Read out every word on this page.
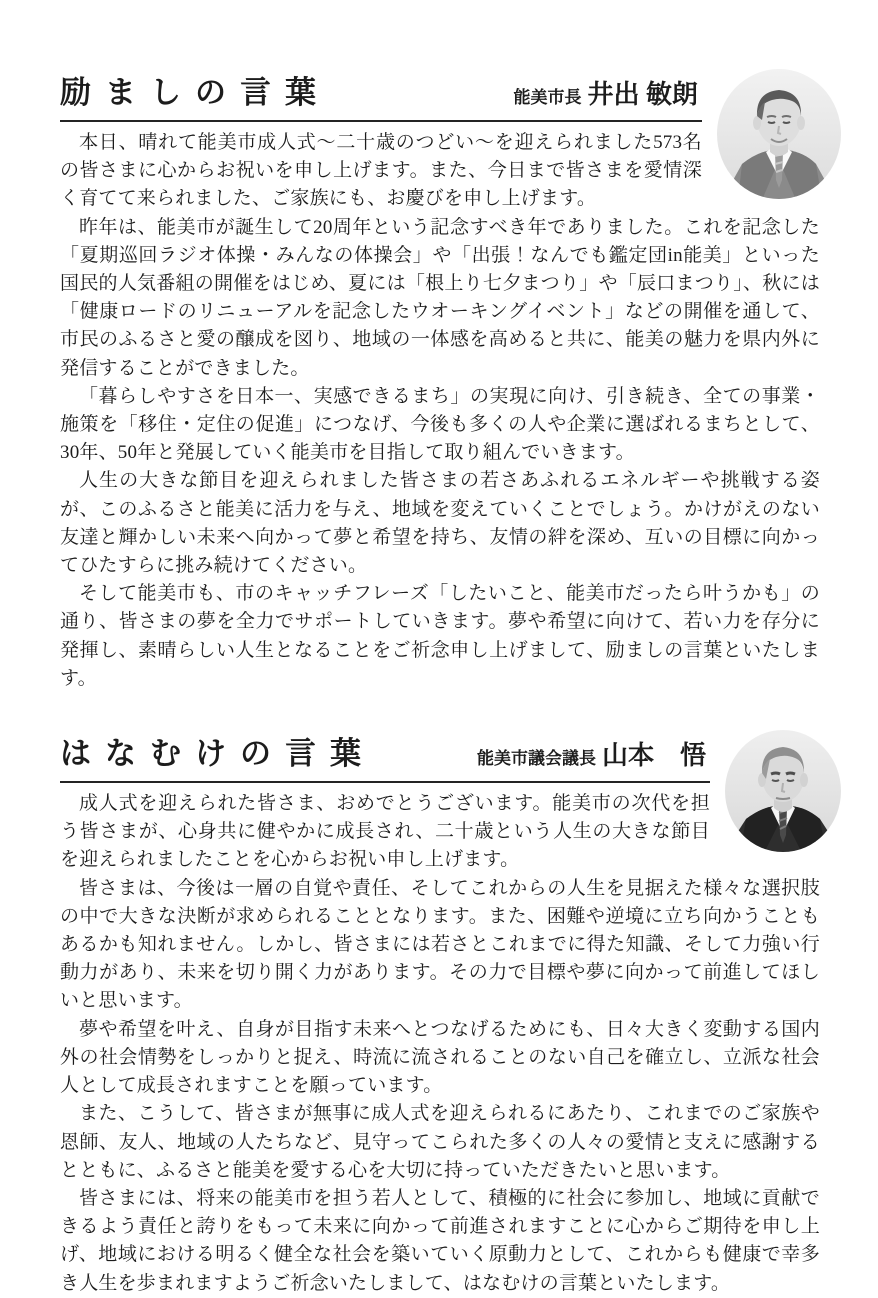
励ましの言葉	能美市長 井出 敏朗

本日、晴れて能美市成人式～二十歳のつどい～を迎えられました573名の皆さまに心からお祝いを申し上げます。また、今日まで皆さまを愛情深く育てて来られました、ご家族にも、お慶びを申し上げます。

昨年は、能美市が誕生して20周年という記念すべき年でありました。これを記念した「夏期巡回ラジオ体操・みんなの体操会」や「出張！なんでも鑑定団in能美」といった国民的人気番組の開催をはじめ、夏には「根上り七夕まつり」や「辰口まつり」、秋には「健康ロードのリニューアルを記念したウオーキングイベント」などの開催を通して、市民のふるさと愛の醸成を図り、地域の一体感を高めると共に、能美の魅力を県内外に発信することができました。

「暮らしやすさを日本一、実感できるまち」の実現に向け、引き続き、全ての事業・施策を「移住・定住の促進」につなげ、今後も多くの人や企業に選ばれるまちとして、30年、50年と発展していく能美市を目指して取り組んでいきます。

人生の大きな節目を迎えられました皆さまの若さあふれるエネルギーや挑戦する姿が、このふるさと能美に活力を与え、地域を変えていくことでしょう。かけがえのない友達と輝かしい未来へ向かって夢と希望を持ち、友情の絆を深め、互いの目標に向かってひたすらに挑み続けてください。

そして能美市も、市のキャッチフレーズ「したいこと、能美市だったら叶うかも」の通り、皆さまの夢を全力でサポートしていきます。夢や希望に向けて、若い力を存分に発揮し、素晴らしい人生となることをご祈念申し上げまして、励ましの言葉といたします。

はなむけの言葉	能美市議会議長 山本　悟

成人式を迎えられた皆さま、おめでとうございます。能美市の次代を担う皆さまが、心身共に健やかに成長され、二十歳という人生の大きな節目を迎えられましたことを心からお祝い申し上げます。

皆さまは、今後は一層の自覚や責任、そしてこれからの人生を見据えた様々な選択肢の中で大きな決断が求められることとなります。また、困難や逆境に立ち向かうこともあるかも知れません。しかし、皆さまには若さとこれまでに得た知識、そして力強い行動力があり、未来を切り開く力があります。その力で目標や夢に向かって前進してほしいと思います。

夢や希望を叶え、自身が目指す未来へとつなげるためにも、日々大きく変動する国内外の社会情勢をしっかりと捉え、時流に流されることのない自己を確立し、立派な社会人として成長されますことを願っています。

また、こうして、皆さまが無事に成人式を迎えられるにあたり、これまでのご家族や恩師、友人、地域の人たちなど、見守ってこられた多くの人々の愛情と支えに感謝するとともに、ふるさと能美を愛する心を大切に持っていただきたいと思います。

皆さまには、将来の能美市を担う若人として、積極的に社会に参加し、地域に貢献できるよう責任と誇りをもって未来に向かって前進されますことに心からご期待を申し上げ、地域における明るく健全な社会を築いていく原動力として、これからも健康で幸多き人生を歩まれますようご祈念いたしまして、はなむけの言葉といたします。
